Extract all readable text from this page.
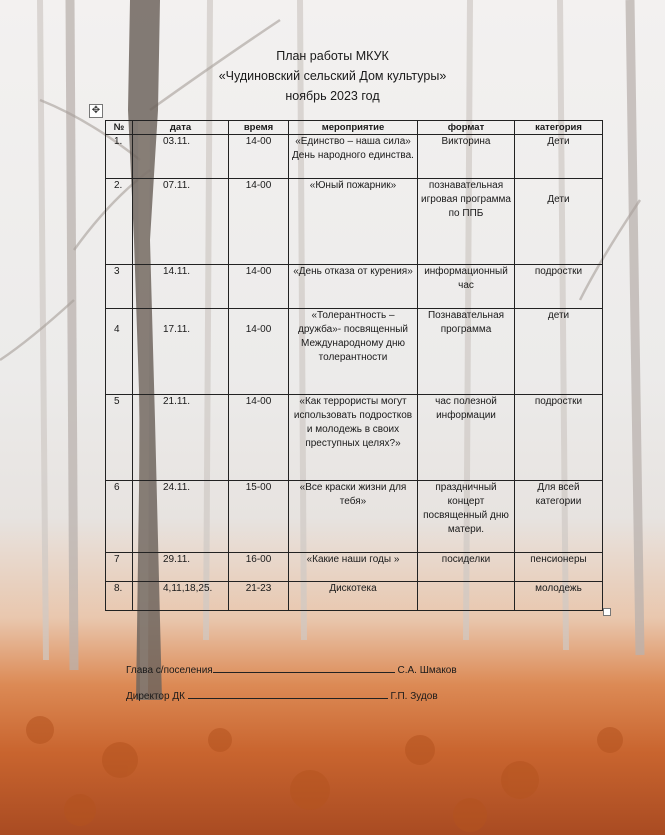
План работы МКУК
«Чудиновский сельский Дом культуры»
ноябрь 2023 год
✥
№	дата	время	мероприятие	формат	категория
1.	03.11.	14-00	«Единство – наша сила» День народного единства.	Викторина	Дети
2.	07.11.	14-00	«Юный пожарник»	познавательная игровая программа по ППБ	Дети
3	14.11.	14-00	«День отказа от курения»	информационный час	подростки
4	17.11.	14-00	«Толерантность – дружба»- посвященный Международному дню толерантности	Познавательная программа	дети
5	21.11.	14-00	«Как террористы могут использовать подростков и молодежь в своих преступных целях?»	час полезной информации	подростки
6	24.11.	15-00	«Все краски жизни для тебя»	праздничный концерт посвященный дню матери.	Для всей категории
7	29.11.	16-00	«Какие наши годы »	посиделки	пенсионеры
8.	4,11,18,25.	21-23	Дискотека		молодежь
Глава с/поселения	С.А. Шмаков
Директор ДК	Г.П. Зудов
